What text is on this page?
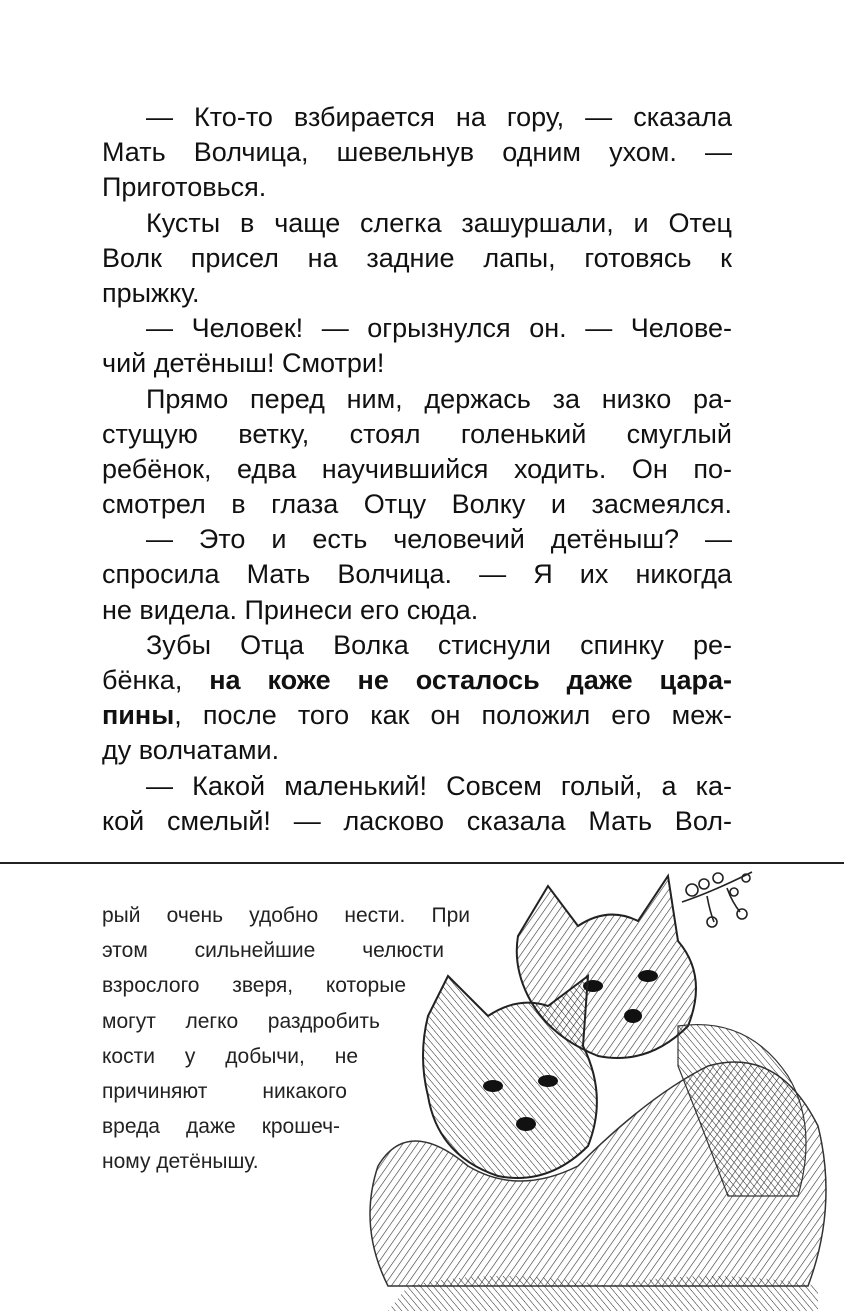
— Кто-то взбирается на гору, — сказала
Мать Волчица, шевельнув одним ухом. —
Приготовься.
Кусты в чаще слегка зашуршали, и Отец
Волк присел на задние лапы, готовясь к
прыжку.
— Человек! — огрызнулся он. — Челове-
чий детёныш! Смотри!
Прямо перед ним, держась за низко ра-
стущую ветку, стоял голенький смуглый
ребёнок, едва научившийся ходить. Он по-
смотрел в глаза Отцу Волку и засмеялся.
— Это и есть человечий детёныш? —
спросила Мать Волчица. — Я их никогда
не видела. Принеси его сюда.
Зубы Отца Волка стиснули спинку ре-
бёнка, на коже не осталось даже цара-
пины, после того как он положил его меж-
ду волчатами.
— Какой маленький! Совсем голый, а ка-
кой смелый! — ласково сказала Мать Вол-
рый очень удобно нести. При
этом сильнейшие челюсти
взрослого зверя, которые
могут легко раздробить
кости у добычи, не
причиняют никакого
вреда даже крошеч-
ному детёнышу.
